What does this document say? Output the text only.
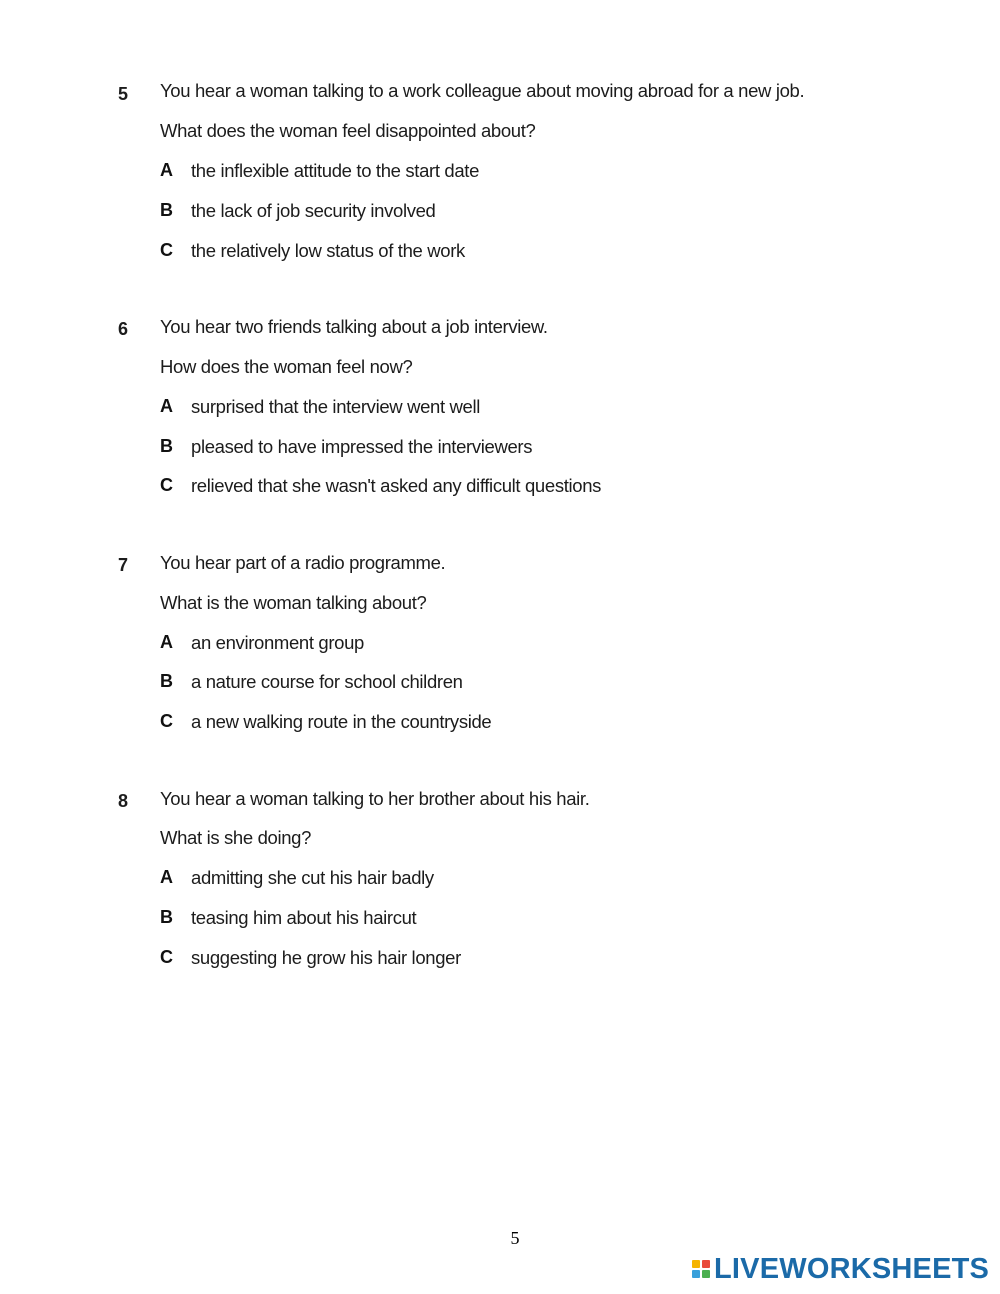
5 You hear a woman talking to a work colleague about moving abroad for a new job.
What does the woman feel disappointed about?
A the inflexible attitude to the start date
B the lack of job security involved
C the relatively low status of the work
6 You hear two friends talking about a job interview.
How does the woman feel now?
A surprised that the interview went well
B pleased to have impressed the interviewers
C relieved that she wasn't asked any difficult questions
7 You hear part of a radio programme.
What is the woman talking about?
A an environment group
B a nature course for school children
C a new walking route in the countryside
8 You hear a woman talking to her brother about his hair.
What is she doing?
A admitting she cut his hair badly
B teasing him about his haircut
C suggesting he grow his hair longer
5
LIVEWORKSHEETS
